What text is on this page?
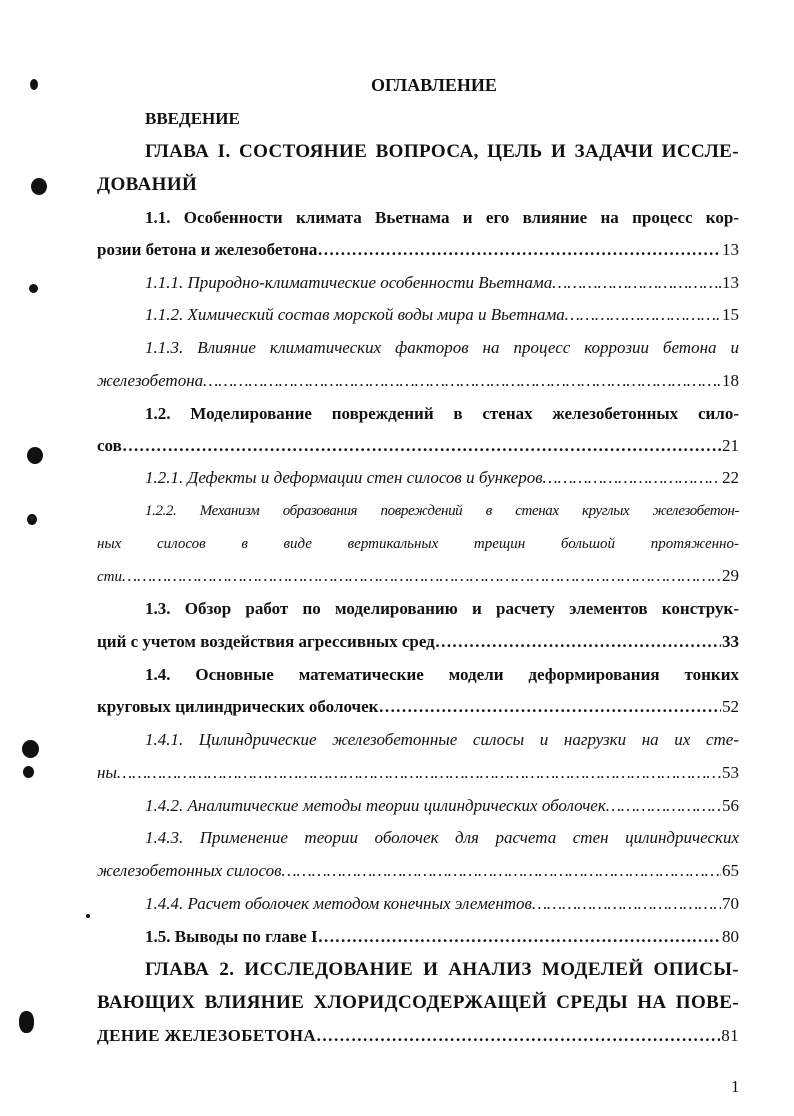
ОГЛАВЛЕНИЕ
ВВЕДЕНИЕ
ГЛАВА I. СОСТОЯНИЕ ВОПРОСА, ЦЕЛЬ И ЗАДАЧИ ИССЛЕ-
ДОВАНИЙ
1.1. Особенности климата Вьетнама и его влияние на процесс кор-
розии бетона и железобетона …………………………………………………………………………………………………………………………………………	13
1.1.1. Природно-климатические особенности Вьетнама …………………………………………………………………………………………………………………………………………	13
1.1.2. Химический состав морской воды мира и Вьетнама …………………………………………………………………………………………………………………………………………	15
1.1.3. Влияние климатических факторов на процесс коррозии бетона и
железобетона …………………………………………………………………………………………………………………………………………	18
1.2. Моделирование повреждений в стенах железобетонных сило-
сов …………………………………………………………………………………………………………………………………………	21
1.2.1. Дефекты и деформации стен силосов и бункеров …………………………………………………………………………………………………………………………………………	22
1.2.2. Механизм образования повреждений в стенах круглых железобетон-
ных силосов в виде вертикальных трещин большой протяженно-
сти …………………………………………………………………………………………………………………………………………	29
1.3. Обзор работ по моделированию и расчету элементов конструк-
ций с учетом воздействия агрессивных сред …………………………………………………………………………………………………………………………………………	33
1.4. Основные математические модели деформирования тонких
круговых цилиндрических оболочек …………………………………………………………………………………………………………………………………………	52
1.4.1. Цилиндрические железобетонные силосы и нагрузки на их сте-
ны …………………………………………………………………………………………………………………………………………	53
1.4.2. Аналитические методы теории цилиндрических оболочек …………………………………………………………………………………………………………………………………………	56
1.4.3. Применение теории оболочек для расчета стен цилиндрических
железобетонных силосов …………………………………………………………………………………………………………………………………………	65
1.4.4. Расчет оболочек методом конечных элементов …………………………………………………………………………………………………………………………………………	70
1.5. Выводы по главе I …………………………………………………………………………………………………………………………………………	80
ГЛАВА 2. ИССЛЕДОВАНИЕ И АНАЛИЗ МОДЕЛЕЙ ОПИСЫ-
ВАЮЩИХ ВЛИЯНИЕ ХЛОРИДСОДЕРЖАЩЕЙ СРЕДЫ НА ПОВЕ-
ДЕНИЕ ЖЕЛЕЗОБЕТОНА …………………………………………………………………………………………………………………………………………	81
1
